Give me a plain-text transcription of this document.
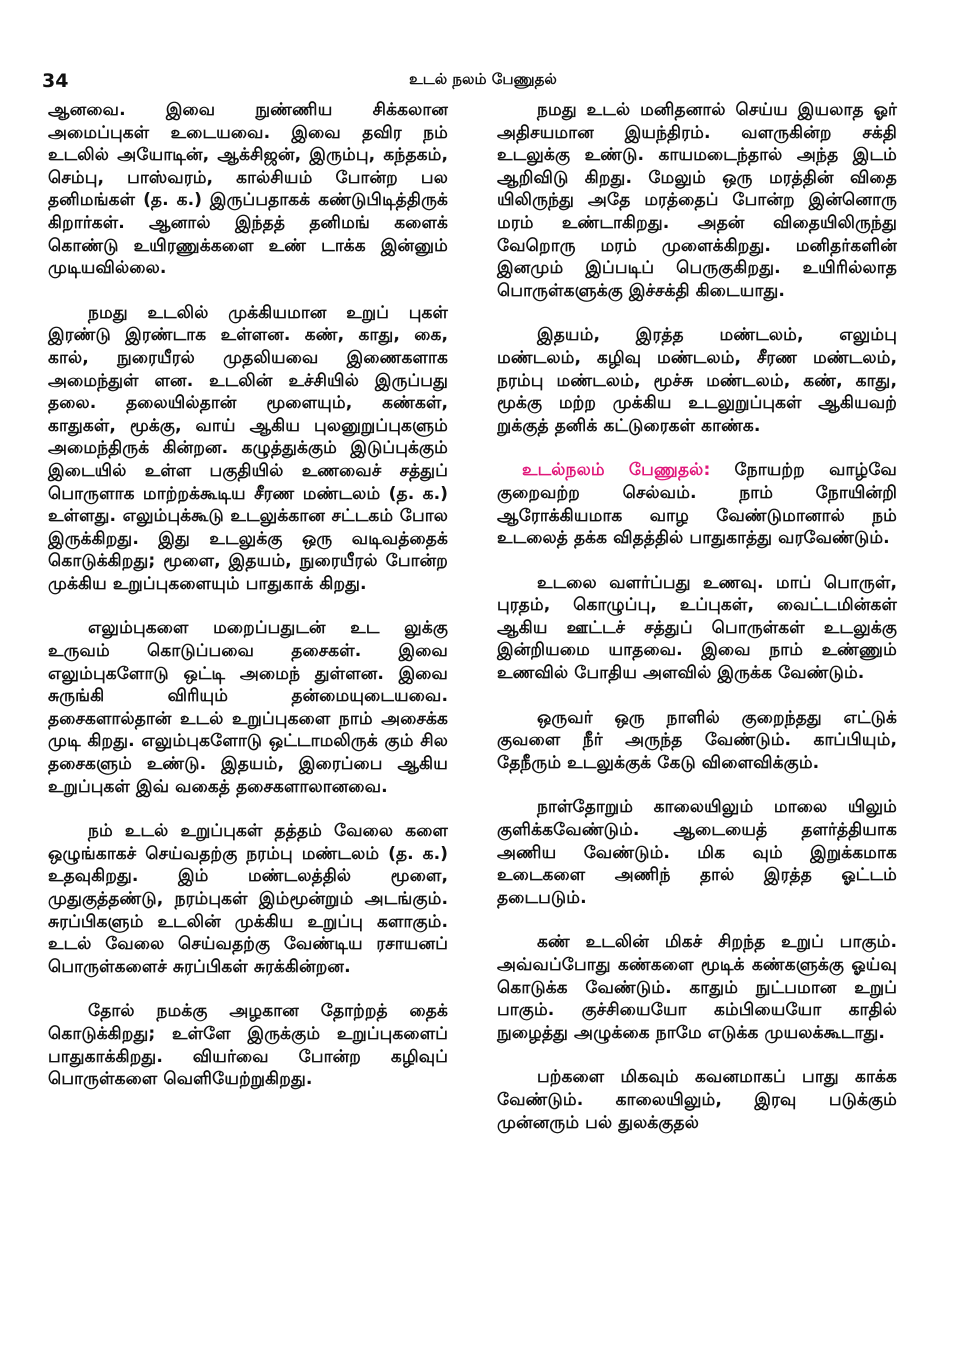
34	உடல் நலம் பேணுதல்
ஆனவை. இவை நுண்ணிய சிக்கலான அமைப்புகள் உடையவை. இவை தவிர நம் உடலில் அயோடின், ஆக்சிஜன், இரும்பு, கந்தகம், செம்பு, பாஸ்வரம், கால்சியம் போன்ற பல தனிமங்கள் (த. க.) இருப்பதாகக் கண்டுபிடித்திருக் கிறார்கள். ஆனால் இந்தத் தனிமங் களைக் கொண்டு உயிரணுக்களை உண் டாக்க இன்னும் முடியவில்லை.
நமது உடலில் முக்கியமான உறுப் புகள் இரண்டு இரண்டாக உள்ளன. கண், காது, கை, கால், நுரையீரல் முதலியவை இணைகளாக அமைந்துள் ளன. உடலின் உச்சியில் இருப்பது தலை. தலையில்தான் மூளையும், கண்கள், காதுகள், மூக்கு, வாய் ஆகிய புலனுறுப்புகளும் அமைந்திருக் கின்றன. கழுத்துக்கும் இடுப்புக்கும் இடையில் உள்ள பகுதியில் உணவைச் சத்துப் பொருளாக மாற்றக்கூடிய சீரண மண்டலம் (த. க.) உள்ளது. எலும்புக்கூடு உடலுக்கான சட்டகம் போல இருக்கிறது. இது உடலுக்கு ஒரு வடிவத்தைக் கொடுக்கிறது; மூளை, இதயம், நுரையீரல் போன்ற முக்கிய உறுப்புகளையும் பாதுகாக் கிறது.
எலும்புகளை மறைப்பதுடன் உட லுக்கு உருவம் கொடுப்பவை தசைகள். இவை எலும்புகளோடு ஒட்டி அமைந் துள்ளன. இவை சுருங்கி விரியும் தன்மையுடையவை. தசைகளால்தான் உடல் உறுப்புகளை நாம் அசைக்க முடி கிறது. எலும்புகளோடு ஒட்டாமலிருக் கும் சில தசைகளும் உண்டு. இதயம், இரைப்பை ஆகிய உறுப்புகள் இவ் வகைத் தசைகளாலானவை.
நம் உடல் உறுப்புகள் தத்தம் வேலை களை ஒழுங்காகச் செய்வதற்கு நரம்பு மண்டலம் (த. க.) உதவுகிறது. இம் மண்டலத்தில் மூளை, முதுகுத்தண்டு, நரம்புகள் இம்மூன்றும் அடங்கும். சுரப்பிகளும் உடலின் முக்கிய உறுப்பு களாகும். உடல் வேலை செய்வதற்கு வேண்டிய ரசாயனப் பொருள்களைச் சுரப்பிகள் சுரக்கின்றன.
தோல் நமக்கு அழகான தோற்றத் தைக் கொடுக்கிறது; உள்ளே இருக்கும் உறுப்புகளைப் பாதுகாக்கிறது. வியர்வை போன்ற கழிவுப் பொருள்களை வெளியேற்றுகிறது.
நமது உடல் மனிதனால் செய்ய இயலாத ஓர் அதிசயமான இயந்திரம். வளருகின்ற சக்தி உடலுக்கு உண்டு. காயமடைந்தால் அந்த இடம் ஆறிவிடு கிறது. மேலும் ஒரு மரத்தின் விதை யிலிருந்து அதே மரத்தைப் போன்ற இன்னொரு மரம் உண்டாகிறது. அதன் விதையிலிருந்து வேறொரு மரம் முளைக்கிறது. மனிதர்களின் இனமும் இப்படிப் பெருகுகிறது. உயிரில்லாத பொருள்களுக்கு இச்சக்தி கிடையாது.
இதயம், இரத்த மண்டலம், எலும்பு மண்டலம், கழிவு மண்டலம், சீரண மண்டலம், நரம்பு மண்டலம், மூச்சு மண்டலம், கண், காது, மூக்கு மற்ற முக்கிய உடலுறுப்புகள் ஆகியவற் றுக்குத் தனிக் கட்டுரைகள் காண்க.
உடல்நலம் பேணுதல்: நோயற்ற வாழ்வே குறைவற்ற செல்வம். நாம் நோயின்றி ஆரோக்கியமாக வாழ வேண்டுமானால் நம் உடலைத் தக்க விதத்தில் பாதுகாத்து வரவேண்டும்.
உடலை வளர்ப்பது உணவு. மாப் பொருள், புரதம், கொழுப்பு, உப்புகள், வைட்டமின்கள் ஆகிய ஊட்டச் சத்துப் பொருள்கள் உடலுக்கு இன்றியமை யாதவை. இவை நாம் உண்ணும் உணவில் போதிய அளவில் இருக்க வேண்டும்.
ஒருவர் ஒரு நாளில் குறைந்தது எட்டுக் குவளை நீர் அருந்த வேண்டும். காப்பியும், தேநீரும் உடலுக்குக் கேடு விளைவிக்கும்.
நாள்தோறும் காலையிலும் மாலை யிலும் குளிக்கவேண்டும். ஆடையைத் தளர்த்தியாக அணிய வேண்டும். மிக வும் இறுக்கமாக உடைகளை அணிந் தால் இரத்த ஓட்டம் தடைபடும்.
கண் உடலின் மிகச் சிறந்த உறுப் பாகும். அவ்வப்போது கண்களை மூடிக் கண்களுக்கு ஓய்வு கொடுக்க வேண்டும். காதும் நுட்பமான உறுப் பாகும். குச்சியையோ கம்பியையோ காதில் நுழைத்து அழுக்கை நாமே எடுக்க முயலக்கூடாது.
பற்களை மிகவும் கவனமாகப் பாது காக்க வேண்டும். காலையிலும், இரவு படுக்கும் முன்னரும் பல் துலக்குதல்
